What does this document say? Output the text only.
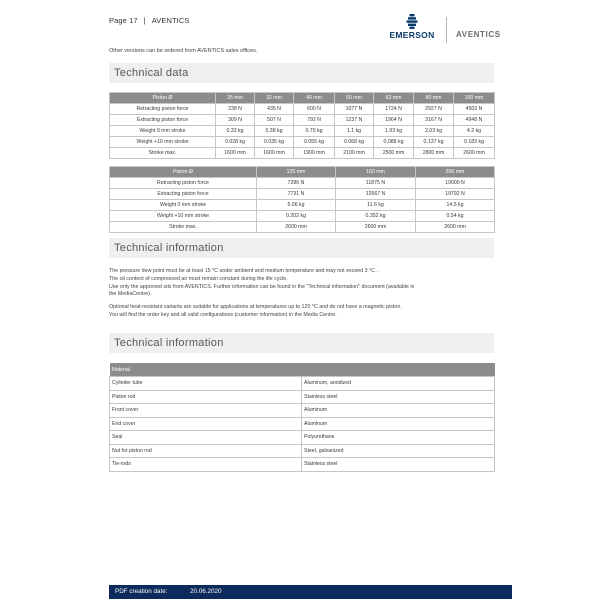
Page 17 | AVENTICS
EMERSON	AVENTICS
Other versions can be ordered from AVENTICS sales offices.
Technical data
Piston Ø	25 mm	32 mm	40 mm	50 mm	63 mm	80 mm	100 mm
Retracting piston force	238 N	435 N	600 N	1077 N	1724 N	2927 N	4503 N
Extracting piston force	309 N	507 N	792 N	1237 N	1964 N	3167 N	4948 N
Weight 0 mm stroke	0.33 kg	0.38 kg	0.75 kg	1.1 kg	1.93 kg	2.03 kg	4.2 kg
Weight +10 mm stroke	0.028 kg	0.035 kg	0.055 kg	0.068 kg	0.088 kg	0.137 kg	0.183 kg
Stroke max.	1600 mm	1600 mm	1900 mm	2100 mm	2500 mm	2800 mm	2600 mm
Piston Ø	125 mm	160 mm	200 mm
Retracting piston force	7286 N	11875 N	19000 N
Extracting piston force	7731 N	12667 N	19792 N
Weight 0 mm stroke	5.06 kg	11.6 kg	14.5 kg
Weight +10 mm stroke	0.202 kg	0.352 kg	0.54 kg
Stroke max.	2600 mm	2600 mm	2600 mm
Technical information

The pressure dew point must be at least 15 °C under ambient and medium temperature and may not exceed 3 °C .

The oil content of compressed air must remain constant during the life cycle.

Use only the approved oils from AVENTICS. Further information can be found in the "Technical information" document (available in

the MediaCentre).

Optional heat-resistant variants are suitable for applications at temperatures up to 120 °C and do not have a magnetic piston.

You will find the order key and all valid configurations (customer information) in the Media Centre.

Technical information
Material	
Cylinder tube	Aluminum, anodized
Piston rod	Stainless steel
Front cover	Aluminum
End cover	Aluminum
Seal	Polyurethane
Nut for piston rod	Steel, galvanized
Tie-rods	Stainless steel
PDF creation date:	20.06.2020
